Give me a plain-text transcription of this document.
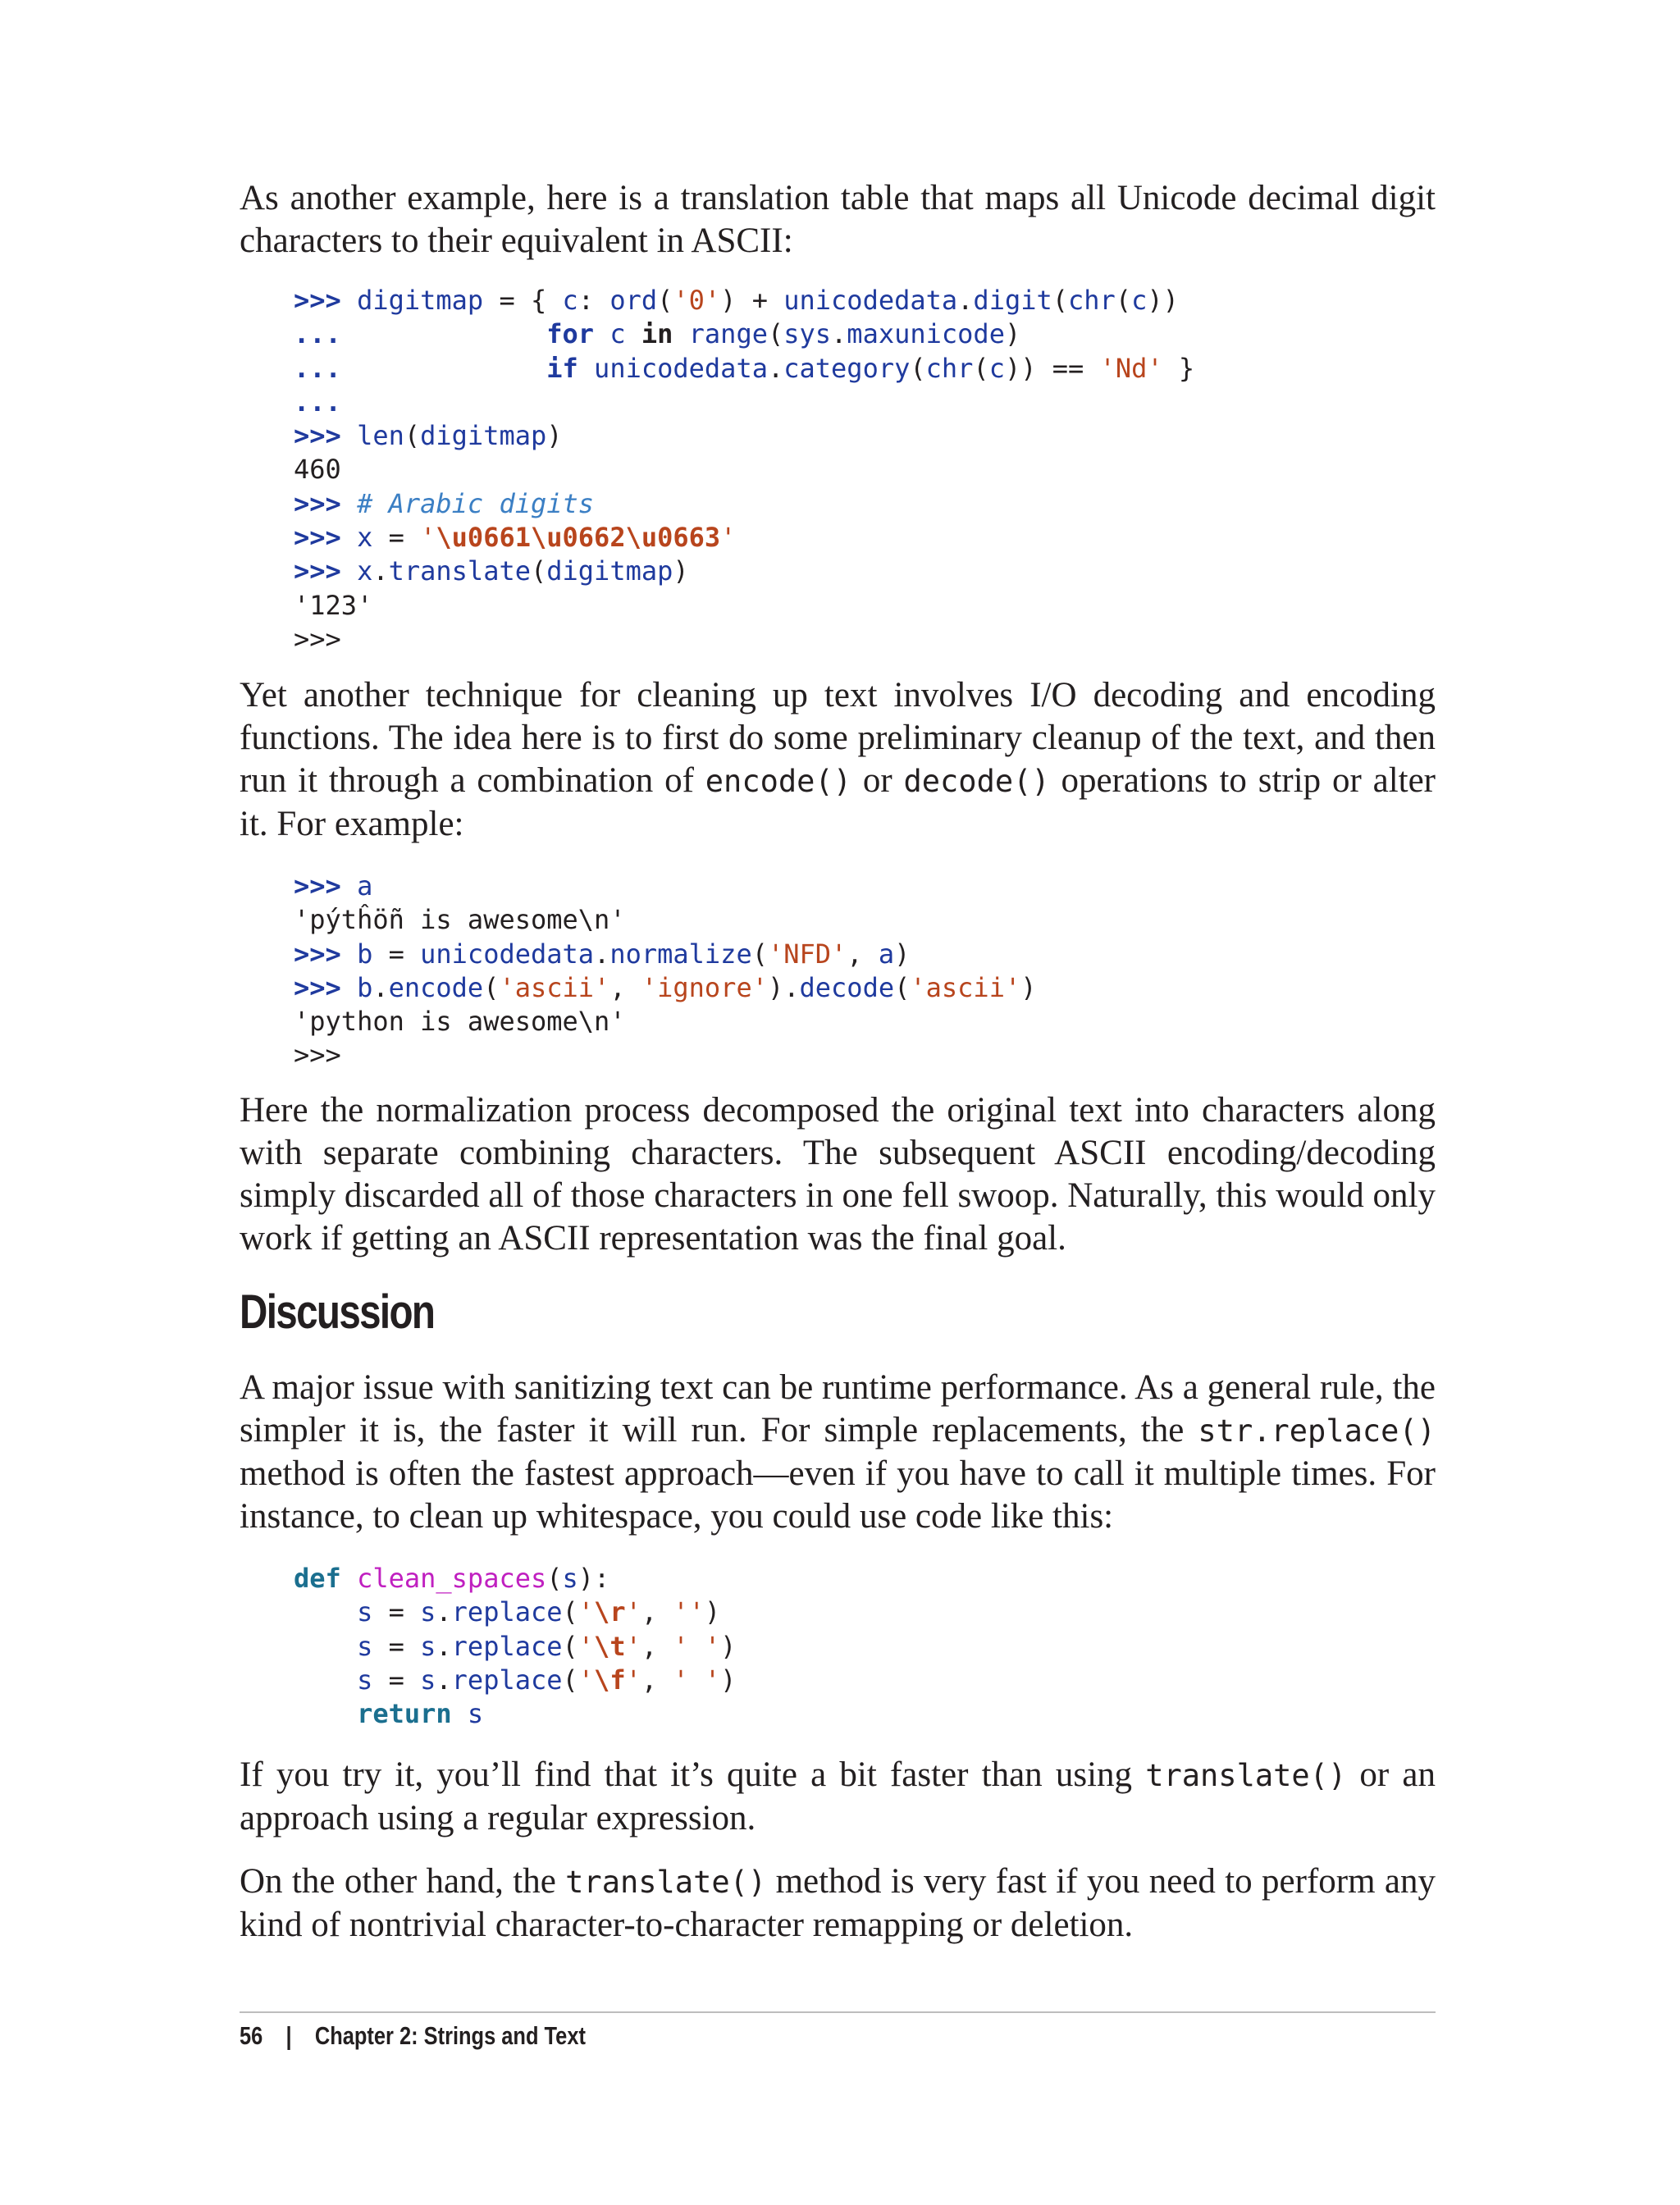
As another example, here is a translation table that maps all Unicode decimal digit characters to their equivalent in ASCII:

>>> digitmap = { c: ord('0') + unicodedata.digit(chr(c))
...	for c in range(sys.maxunicode)
...	if unicodedata.category(chr(c)) == 'Nd' }
...
>>> len(digitmap)
460
>>> # Arabic digits
>>> x = '\u0661\u0662\u0663'
>>> x.translate(digitmap)
'123'
>>>

Yet another technique for cleaning up text involves I/O decoding and encoding functions. The idea here is to first do some preliminary cleanup of the text, and then run it through a combination of encode() or decode() operations to strip or alter it. For example:

>>> a
'pýtĥöñ is awesome\n'
>>> b = unicodedata.normalize('NFD', a)
>>> b.encode('ascii', 'ignore').decode('ascii')
'python is awesome\n'
>>>

Here the normalization process decomposed the original text into characters along with separate combining characters. The subsequent ASCII encoding/decoding simply discarded all of those characters in one fell swoop. Naturally, this would only work if getting an ASCII representation was the final goal.

Discussion

A major issue with sanitizing text can be runtime performance. As a general rule, the simpler it is, the faster it will run. For simple replacements, the str.replace() method is often the fastest approach—even if you have to call it multiple times. For instance, to clean up whitespace, you could use code like this:

def clean_spaces(s):
s = s.replace('\r', '')
s = s.replace('\t', ' ')
s = s.replace('\f', ' ')
return s

If you try it, you’ll find that it’s quite a bit faster than using translate() or an approach using a regular expression.

On the other hand, the translate() method is very fast if you need to perform any kind of nontrivial character-to-character remapping or deletion.

56    |    Chapter 2: Strings and Text
